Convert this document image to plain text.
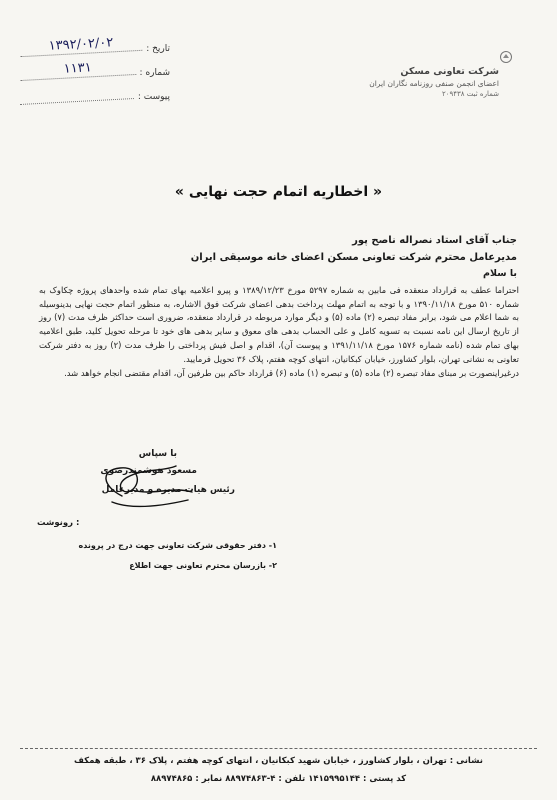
تاریخ :
۱۳۹۲/۰۲/۰۲
شماره :
۱۱۳۱
پیوست :
شرکت تعاونی مسکن
اعضای انجمن صنفی روزنامه نگاران ایران
شماره ثبت ۲۰۹۴۳۸
« اخطاریه اتمام حجت نهایی »
جناب آقای استاد نصراله ناصح پور
مدیرعامل محترم شرکت تعاونی مسکن اعضای خانه موسیقی ایران
با سلام

احتراما عطف به قرارداد منعقده فی مابین به شماره ۵۲۹۷ مورخ ۱۳۸۹/۱۲/۲۳ و پیرو اعلامیه بهای تمام شده واحدهای پروژه چکاوک به شماره ۵۱۰ مورخ ۱۳۹۰/۱۱/۱۸ و با توجه به اتمام مهلت پرداخت بدهی اعضای شرکت فوق الاشاره، به منظور اتمام حجت نهایی بدینوسیله به شما اعلام می شود، برابر مفاد تبصره (۲) ماده (۵) و دیگر موارد مربوطه در قرارداد منعقده، ضروری است حداکثر ظرف مدت (۷) روز از تاریخ ارسال این نامه نسبت به تسویه کامل و علی الحساب بدهی های معوق و سایر بدهی های خود تا مرحله تحویل کلید، طبق اعلامیه بهای تمام شده (نامه شماره ۱۵۷۶ مورخ ۱۳۹۱/۱۱/۱۸ و پیوست آن)، اقدام و اصل فیش پرداختی را ظرف مدت (۲) روز به دفتر شرکت تعاونی به نشانی تهران، بلوار کشاورز، خیابان کبکانیان، انتهای کوچه هفتم، پلاک ۳۶ تحویل فرمایید.

درغیراینصورت بر مبنای مفاد تبصره (۲) ماده (۵) و تبصره (۱) ماده (۶) قرارداد حاکم بین طرفین آن، اقدام مقتضی انجام خواهد شد.

با سپاس
مسعود هوشمندرضوی
رئیس هیات مدیره و مدیرعامل
: رونوشت
۱- دفتر حقوقی شرکت تعاونی جهت درج در پرونده
۲- بازرسان محترم تعاونی جهت اطلاع
نشانی : تهران ، بلوار کشاورز ، خیابان شهید کبکانیان ، انتهای کوچه هفتم ، پلاک ۳۶ ، طبقه همکف
کد پستی : ۱۴۱۵۹۹۵۱۴۴ تلفن : ۴-۸۸۹۷۴۸۶۳ نمابر : ۸۸۹۷۴۸۶۵
